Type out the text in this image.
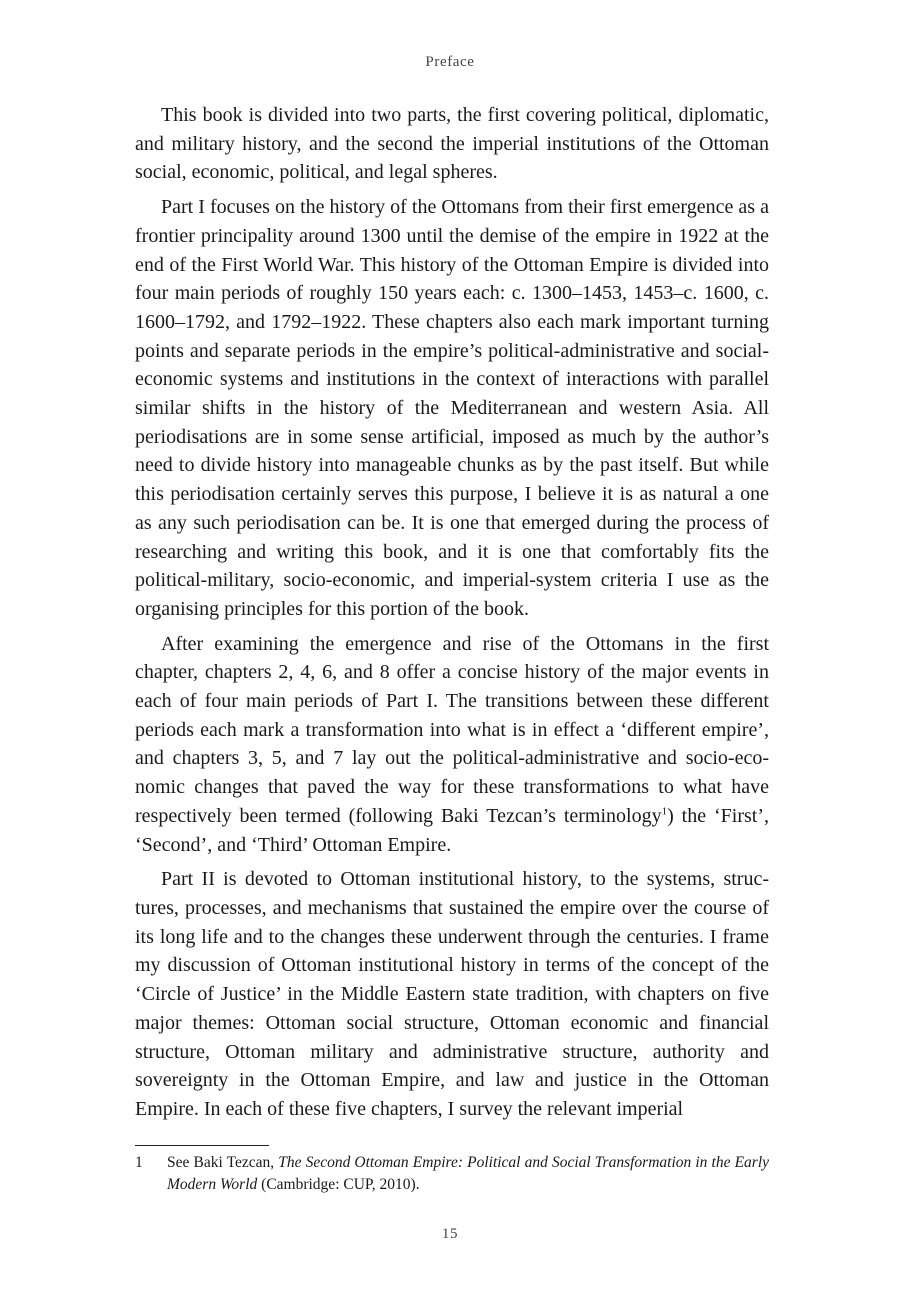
Preface

This book is divided into two parts, the first covering political, diplomatic, and military history, and the second the imperial institutions of the Ottoman social, economic, political, and legal spheres.

Part I focuses on the history of the Ottomans from their first emergence as a frontier principality around 1300 until the demise of the empire in 1922 at the end of the First World War. This history of the Ottoman Empire is divided into four main periods of roughly 150 years each: c. 1300–1453, 1453–c. 1600, c. 1600–1792, and 1792–1922. These chapters also each mark important turning points and separate periods in the empire’s political-administrative and social-economic systems and institutions in the context of interactions with parallel similar shifts in the history of the Mediterranean and western Asia. All periodisations are in some sense artificial, imposed as much by the author’s need to divide history into manageable chunks as by the past itself. But while this periodisation certainly serves this purpose, I believe it is as natural a one as any such periodisation can be. It is one that emerged during the process of researching and writing this book, and it is one that comfortably fits the political-military, socio-economic, and imperial-system criteria I use as the organising principles for this portion of the book.

After examining the emergence and rise of the Ottomans in the first chapter, chapters 2, 4, 6, and 8 offer a concise history of the major events in each of four main periods of Part I. The transitions between these different periods each mark a transformation into what is in effect a ‘different empire’, and chapters 3, 5, and 7 lay out the political-administrative and socio-economic changes that paved the way for these transformations to what have respectively been termed (following Baki Tezcan’s terminology$^1$) the ‘First’, ‘Second’, and ‘Third’ Ottoman Empire.

Part II is devoted to Ottoman institutional history, to the systems, structures, processes, and mechanisms that sustained the empire over the course of its long life and to the changes these underwent through the centuries. I frame my discussion of Ottoman institutional history in terms of the concept of the ‘Circle of Justice’ in the Middle Eastern state tradition, with chapters on five major themes: Ottoman social structure, Ottoman economic and financial structure, Ottoman military and administrative structure, authority and sovereignty in the Ottoman Empire, and law and justice in the Ottoman Empire. In each of these five chapters, I survey the relevant imperial

1	See Baki Tezcan, The Second Ottoman Empire: Political and Social Transformation in the Early Modern World (Cambridge: CUP, 2010).
15
